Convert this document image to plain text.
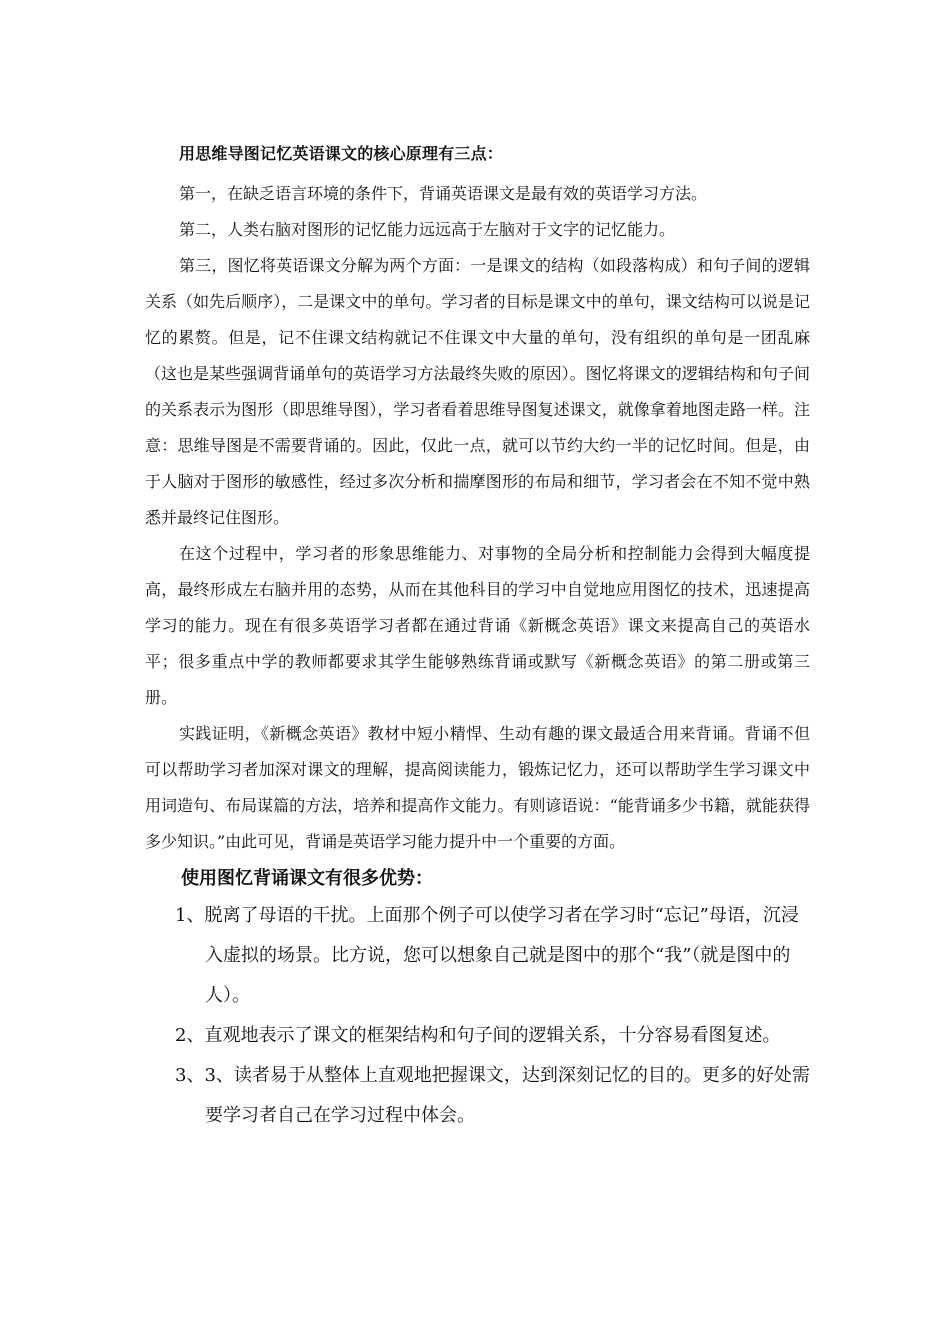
用思维导图记忆英语课文的核心原理有三点：

第一，在缺乏语言环境的条件下，背诵英语课文是最有效的英语学习方法。

第二，人类右脑对图形的记忆能力远远高于左脑对于文字的记忆能力。

第三，图忆将英语课文分解为两个方面：一是课文的结构（如段落构成）和句子间的逻辑关系（如先后顺序），二是课文中的单句。学习者的目标是课文中的单句，课文结构可以说是记忆的累赘。但是，记不住课文结构就记不住课文中大量的单句，没有组织的单句是一团乱麻（这也是某些强调背诵单句的英语学习方法最终失败的原因）。图忆将课文的逻辑结构和句子间的关系表示为图形（即思维导图），学习者看着思维导图复述课文，就像拿着地图走路一样。注意：思维导图是不需要背诵的。因此，仅此一点，就可以节约大约一半的记忆时间。但是，由于人脑对于图形的敏感性，经过多次分析和揣摩图形的布局和细节，学习者会在不知不觉中熟悉并最终记住图形。

在这个过程中，学习者的形象思维能力、对事物的全局分析和控制能力会得到大幅度提高，最终形成左右脑并用的态势，从而在其他科目的学习中自觉地应用图忆的技术，迅速提高学习的能力。现在有很多英语学习者都在通过背诵《新概念英语》课文来提高自己的英语水平；很多重点中学的教师都要求其学生能够熟练背诵或默写《新概念英语》的第二册或第三册。

实践证明，《新概念英语》教材中短小精悍、生动有趣的课文最适合用来背诵。背诵不但可以帮助学习者加深对课文的理解，提高阅读能力，锻炼记忆力，还可以帮助学生学习课文中用词造句、布局谋篇的方法，培养和提高作文能力。有则谚语说：“能背诵多少书籍，就能获得多少知识。”由此可见，背诵是英语学习能力提升中一个重要的方面。

使用图忆背诵课文有很多优势：

1、脱离了母语的干扰。上面那个例子可以使学习者在学习时“忘记”母语，沉浸入虚拟的场景。比方说，您可以想象自己就是图中的那个“我”（就是图中的人）。
2、直观地表示了课文的框架结构和句子间的逻辑关系，十分容易看图复述。
3、3、读者易于从整体上直观地把握课文，达到深刻记忆的目的。更多的好处需要学习者自己在学习过程中体会。
